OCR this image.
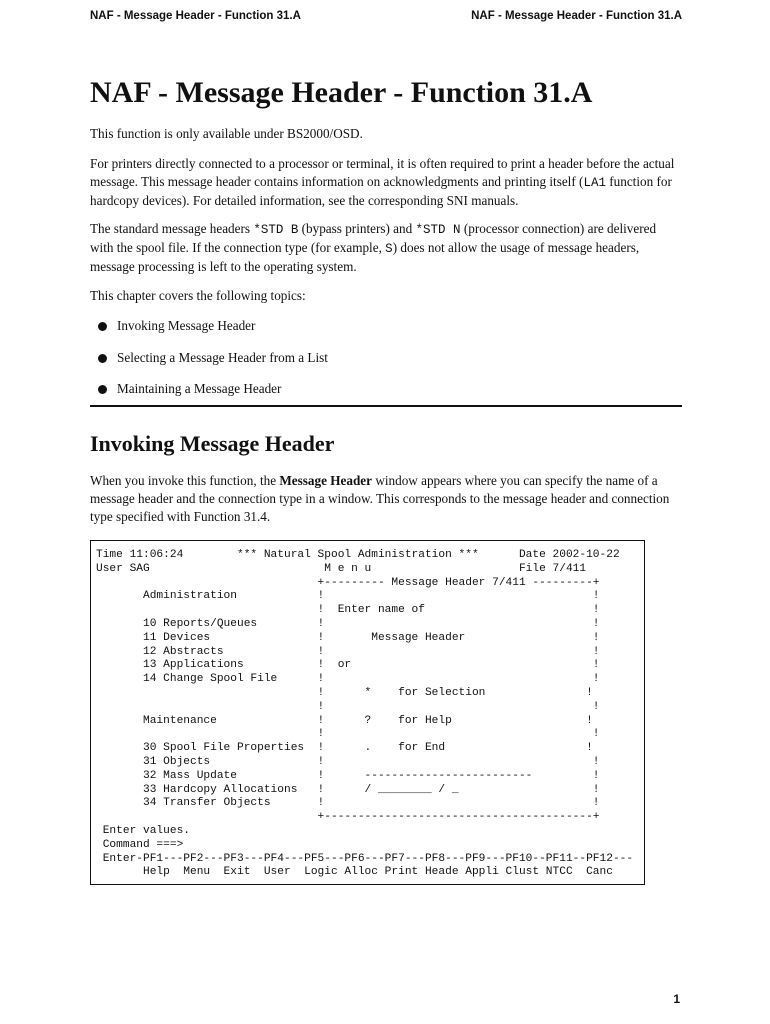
NAF - Message Header - Function 31.A	NAF - Message Header - Function 31.A
NAF - Message Header - Function 31.A

This function is only available under BS2000/OSD.

For printers directly connected to a processor or terminal, it is often required to print a header before the actual message. This message header contains information on acknowledgments and printing itself (LA1 function for hardcopy devices). For detailed information, see the corresponding SNI manuals.

The standard message headers *STD B (bypass printers) and *STD N (processor connection) are delivered with the spool file. If the connection type (for example, S) does not allow the usage of message headers, message processing is left to the operating system.

This chapter covers the following topics:

Invoking Message Header
Selecting a Message Header from a List
Maintaining a Message Header
Invoking Message Header

When you invoke this function, the Message Header window appears where you can specify the name of a message header and the connection type in a window. This corresponds to the message header and connection type specified with Function 31.4.

Time 11:06:24        *** Natural Spool Administration ***      Date 2002-10-22
User SAG                          M e n u                      File 7/411
+--------- Message Header 7/411 ---------+
Administration            !                                        !
!  Enter name of                         !
10 Reports/Queues         !                                        !
11 Devices                !       Message Header                   !
12 Abstracts              !                                        !
13 Applications           !  or                                    !
14 Change Spool File      !                                        !
!      *    for Selection               !
!                                        !
Maintenance               !      ?    for Help                    !
!                                        !
30 Spool File Properties  !      .    for End                     !
31 Objects                !                                        !
32 Mass Update            !      -------------------------         !
33 Hardcopy Allocations   !      / ________ / _                    !
34 Transfer Objects       !                                        !
+----------------------------------------+
Enter values.
Command ===>
Enter-PF1---PF2---PF3---PF4---PF5---PF6---PF7---PF8---PF9---PF10--PF11--PF12---
Help  Menu  Exit  User  Logic Alloc Print Heade Appli Clust NTCC  Canc
1
